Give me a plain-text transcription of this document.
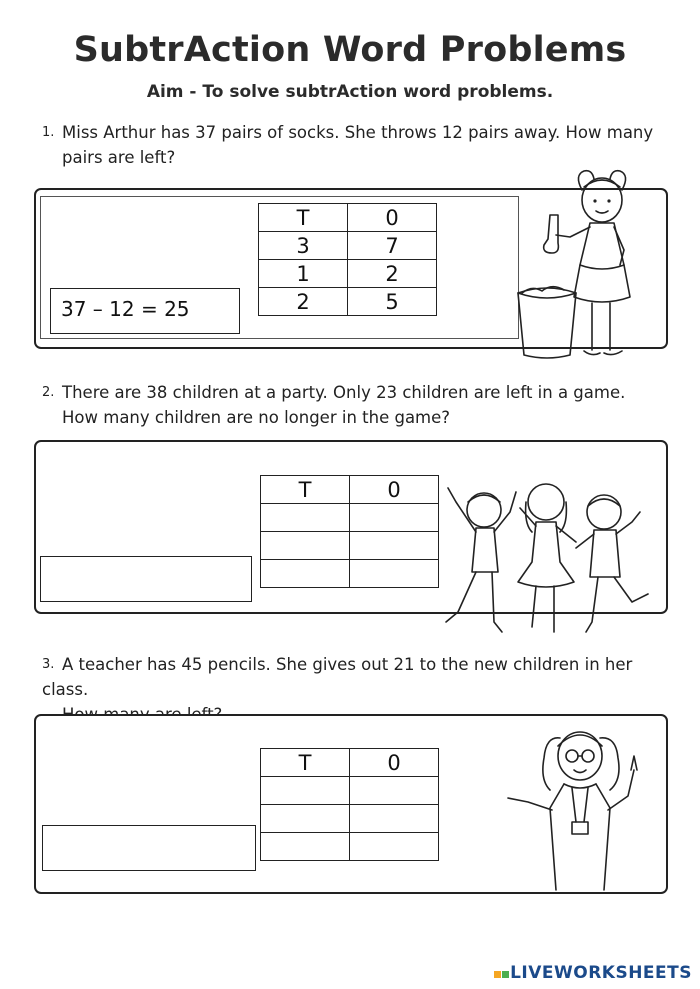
SubtrAction Word Problems
Aim - To solve subtrAction word problems.
1. Miss Arthur has 37 pairs of socks. She throws 12 pairs away. How many
pairs are left?
T	0
3	7
1	2
2	5
37 – 12 = 25
2. There are 38 children at a party. Only 23 children are left in a game.
How many children are no longer in the game?
T	0

3. A teacher has 45 pencils. She gives out 21 to the new children in her class.

T	0

LIVEWORKSHEETS
